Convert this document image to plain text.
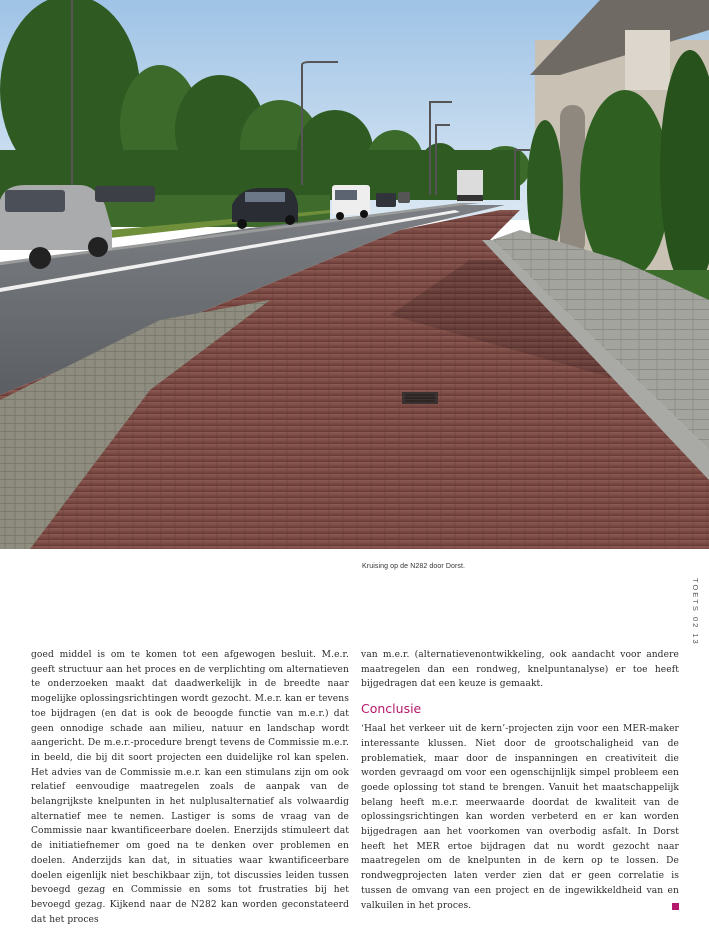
Kruising op de N282 door Dorst.
TOETS 02 13

goed middel is om te komen tot een afgewogen besluit. M.e.r. geeft structuur aan het proces en de verplichting om alternatieven te onderzoeken maakt dat daadwerkelijk in de breedte naar mogelijke oplossingsrichtingen wordt gezocht. M.e.r. kan er tevens toe bijdragen (en dat is ook de beoogde functie van m.e.r.) dat geen onnodige schade aan milieu, natuur en landschap wordt aangericht. De m.e.r.-procedure brengt tevens de Commissie m.e.r. in beeld, die bij dit soort projecten een duidelijke rol kan spelen. Het advies van de Commissie m.e.r. kan een stimulans zijn om ook relatief eenvoudige maatregelen zoals de aanpak van de belangrijkste knelpunten in het nulplusalternatief als volwaardig alternatief mee te nemen. Lastiger is soms de vraag van de Commissie naar kwantificeerbare doelen. Enerzijds stimuleert dat de initiatiefnemer om goed na te denken over problemen en doelen. Anderzijds kan dat, in situaties waar kwantificeerbare doelen eigenlijk niet beschikbaar zijn, tot discussies leiden tussen bevoegd gezag en Commissie en soms tot frustraties bij het bevoegd gezag. Kijkend naar de N282 kan worden geconstateerd dat het proces

van m.e.r. (alternatievenontwikkeling, ook aandacht voor andere maatregelen dan een rondweg, knelpuntanalyse) er toe heeft bijgedragen dat een keuze is gemaakt.

Conclusie

‘Haal het verkeer uit de kern’-projecten zijn voor een MER-maker interessante klussen. Niet door de grootschaligheid van de problematiek, maar door de inspanningen en creativiteit die worden gevraagd om voor een ogenschijnlijk simpel probleem een goede oplossing tot stand te brengen. Vanuit het maatschappelijk belang heeft m.e.r. meerwaarde doordat de kwaliteit van de oplossingsrichtingen kan worden verbeterd en er kan worden bijgedragen aan het voorkomen van overbodig asfalt. In Dorst heeft het MER ertoe bijdragen dat nu wordt gezocht naar maatregelen om de knelpunten in de kern op te lossen. De rondwegprojecten laten verder zien dat er geen correlatie is tussen de omvang van een project en de ingewikkeldheid van en valkuilen in het proces.
